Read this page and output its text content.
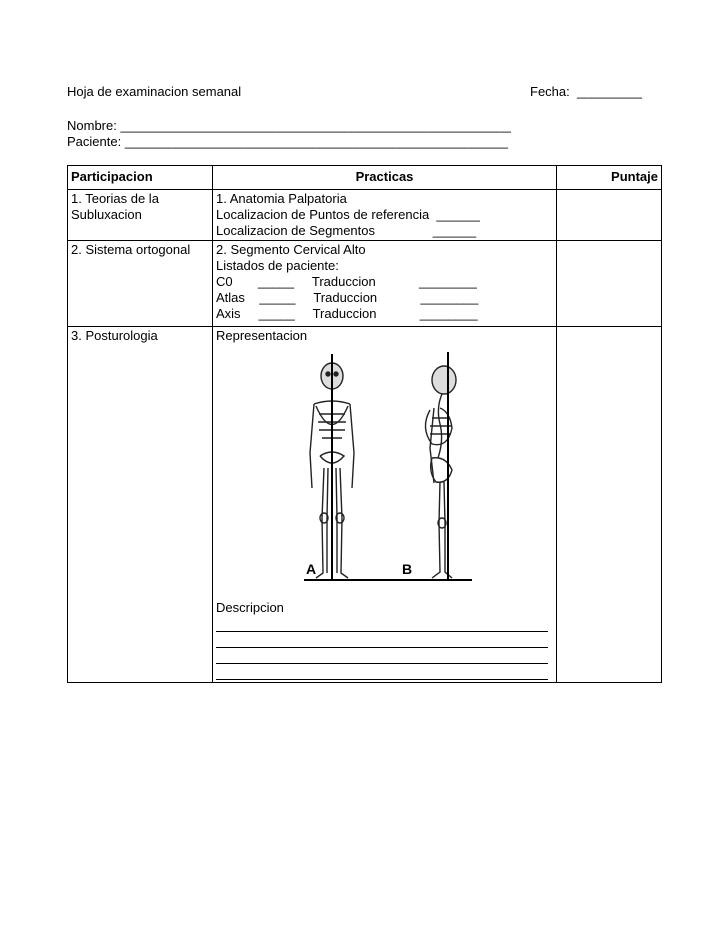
Hoja de examinacion semanal	Fecha:  _________
Nombre: ______________________________________________________
Paciente: _____________________________________________________
Participacion	Practicas	Puntaje

1. Teorias de la
Subluxacion	1. Anatomia Palpatoria
Localizacion de Puntos de referencia  ______
Localizacion de Segmentos                ______	

2. Sistema ortogonal	2. Segmento Cervical Alto
Listados de paciente:
C0       _____     Traduccion            ________
Atlas    _____     Traduccion            ________
Axis     _____     Traduccion            ________	

3. Posturologia	Representacion
A B
Descripcion	
